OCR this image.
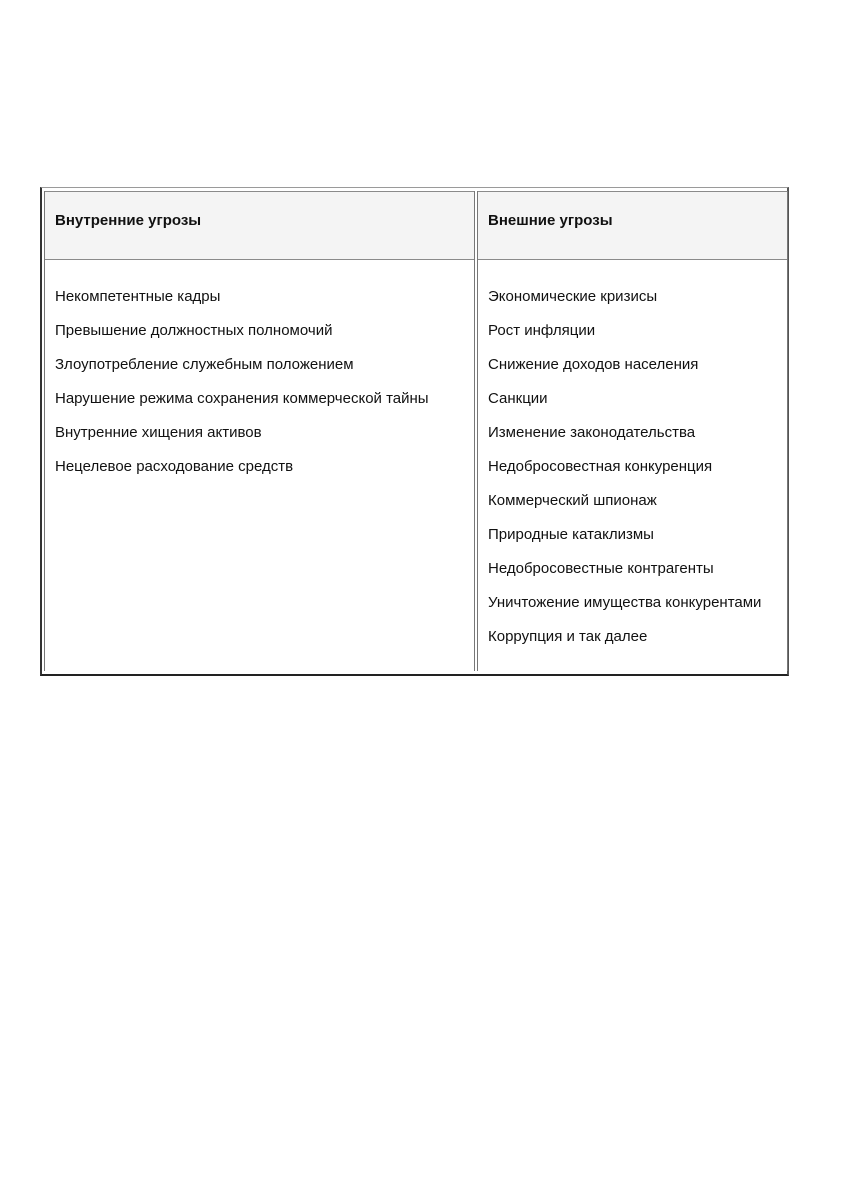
Внутренние угрозы
Некомпетентные кадры
Превышение должностных полномочий
Злоупотребление служебным положением
Нарушение режима сохранения коммерческой тайны
Внутренние хищения активов
Нецелевое расходование средств
Внешние угрозы
Экономические кризисы
Рост инфляции
Снижение доходов населения
Санкции
Изменение законодательства
Недобросовестная конкуренция
Коммерческий шпионаж
Природные катаклизмы
Недобросовестные контрагенты
Уничтожение имущества конкурентами
Коррупция и так далее
